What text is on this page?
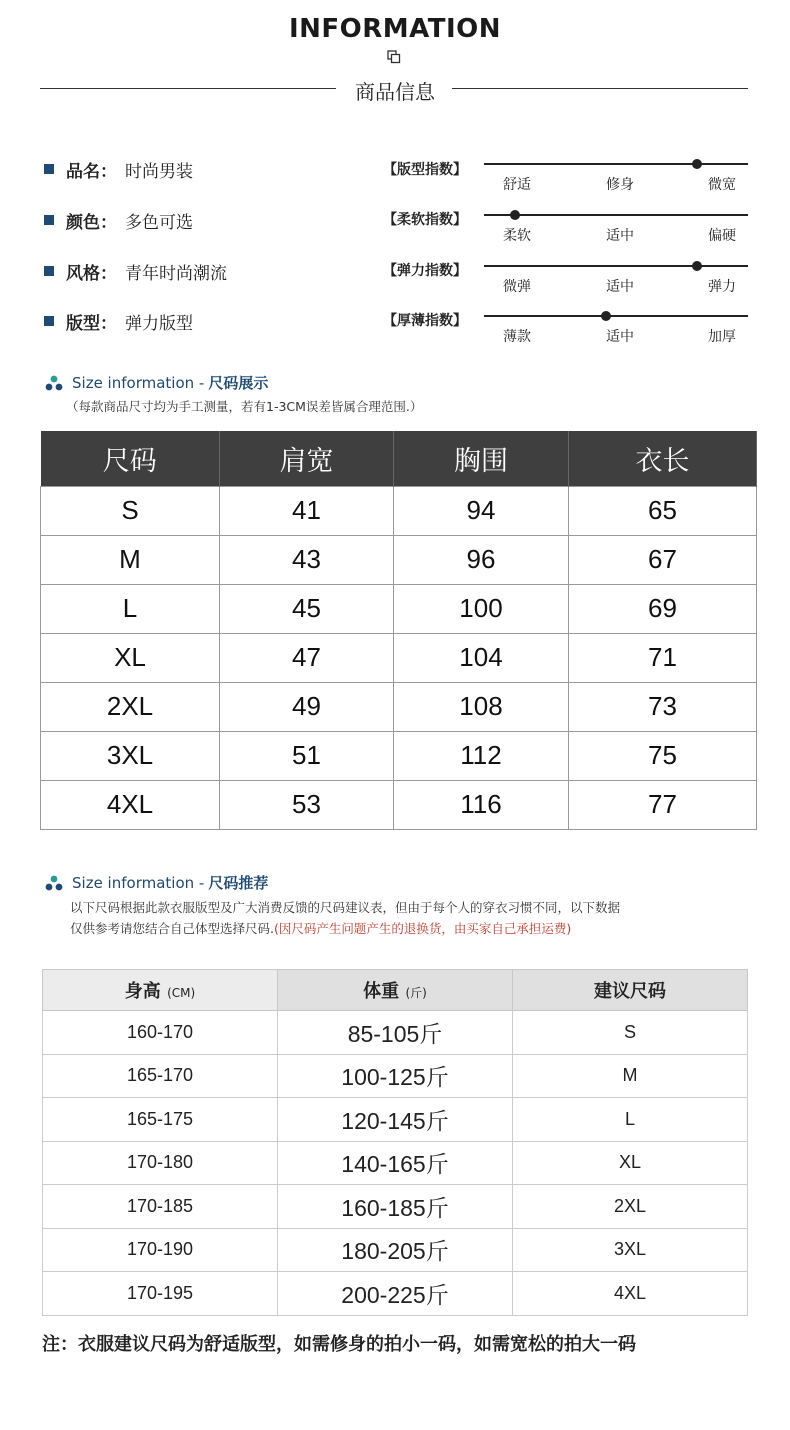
INFORMATION
商品信息
品名： 时尚男装
颜色： 多色可选
风格： 青年时尚潮流
版型： 弹力版型
【版型指数】
舒适	修身	微宽
【柔软指数】
柔软	适中	偏硬
【弹力指数】
微弹	适中	弹力
【厚薄指数】
薄款	适中	加厚
Size information - 尺码展示
（每款商品尺寸均为手工测量，若有1-3CM误差皆属合理范围.）
尺码	肩宽	胸围	衣长	
S	41	94	65	
M	43	96	67	
L	45	100	69	
XL	47	104	71	
2XL	49	108	73	
3XL	51	112	75	
4XL	53	116	77	
Size information - 尺码推荐
以下尺码根据此款衣服版型及广大消费反馈的尺码建议表，但由于每个人的穿衣习惯不同，以下数据
仅供参考请您结合自己体型选择尺码.(因尺码产生问题产生的退换货，由买家自己承担运费)
身高 (CM)	体重 (斤)	建议尺码
160-170	85-105斤	S
165-170	100-125斤	M
165-175	120-145斤	L
170-180	140-165斤	XL
170-185	160-185斤	2XL
170-190	180-205斤	3XL
170-195	200-225斤	4XL
注：衣服建议尺码为舒适版型，如需修身的拍小一码，如需宽松的拍大一码
